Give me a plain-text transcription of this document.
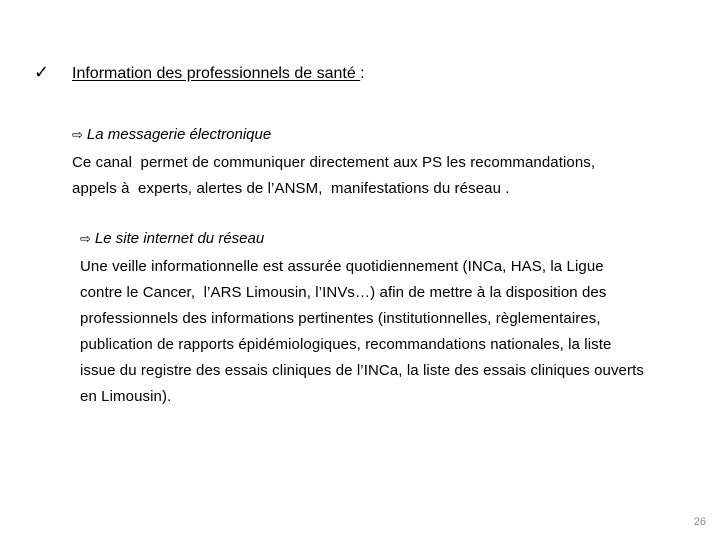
✓ Information des professionnels de santé :
⇨ La messagerie électronique
Ce canal  permet de communiquer directement aux PS les recommandations,
appels à  experts, alertes de l’ANSM,  manifestations du réseau .
⇨ Le site internet du réseau
Une veille informationnelle est assurée quotidiennement (INCa, HAS, la Ligue
contre le Cancer,  l’ARS Limousin, l’INVs…) afin de mettre à la disposition des
professionnels des informations pertinentes (institutionnelles, règlementaires,
publication de rapports épidémiologiques, recommandations nationales, la liste
issue du registre des essais cliniques de l’INCa, la liste des essais cliniques ouverts
en Limousin).
26
